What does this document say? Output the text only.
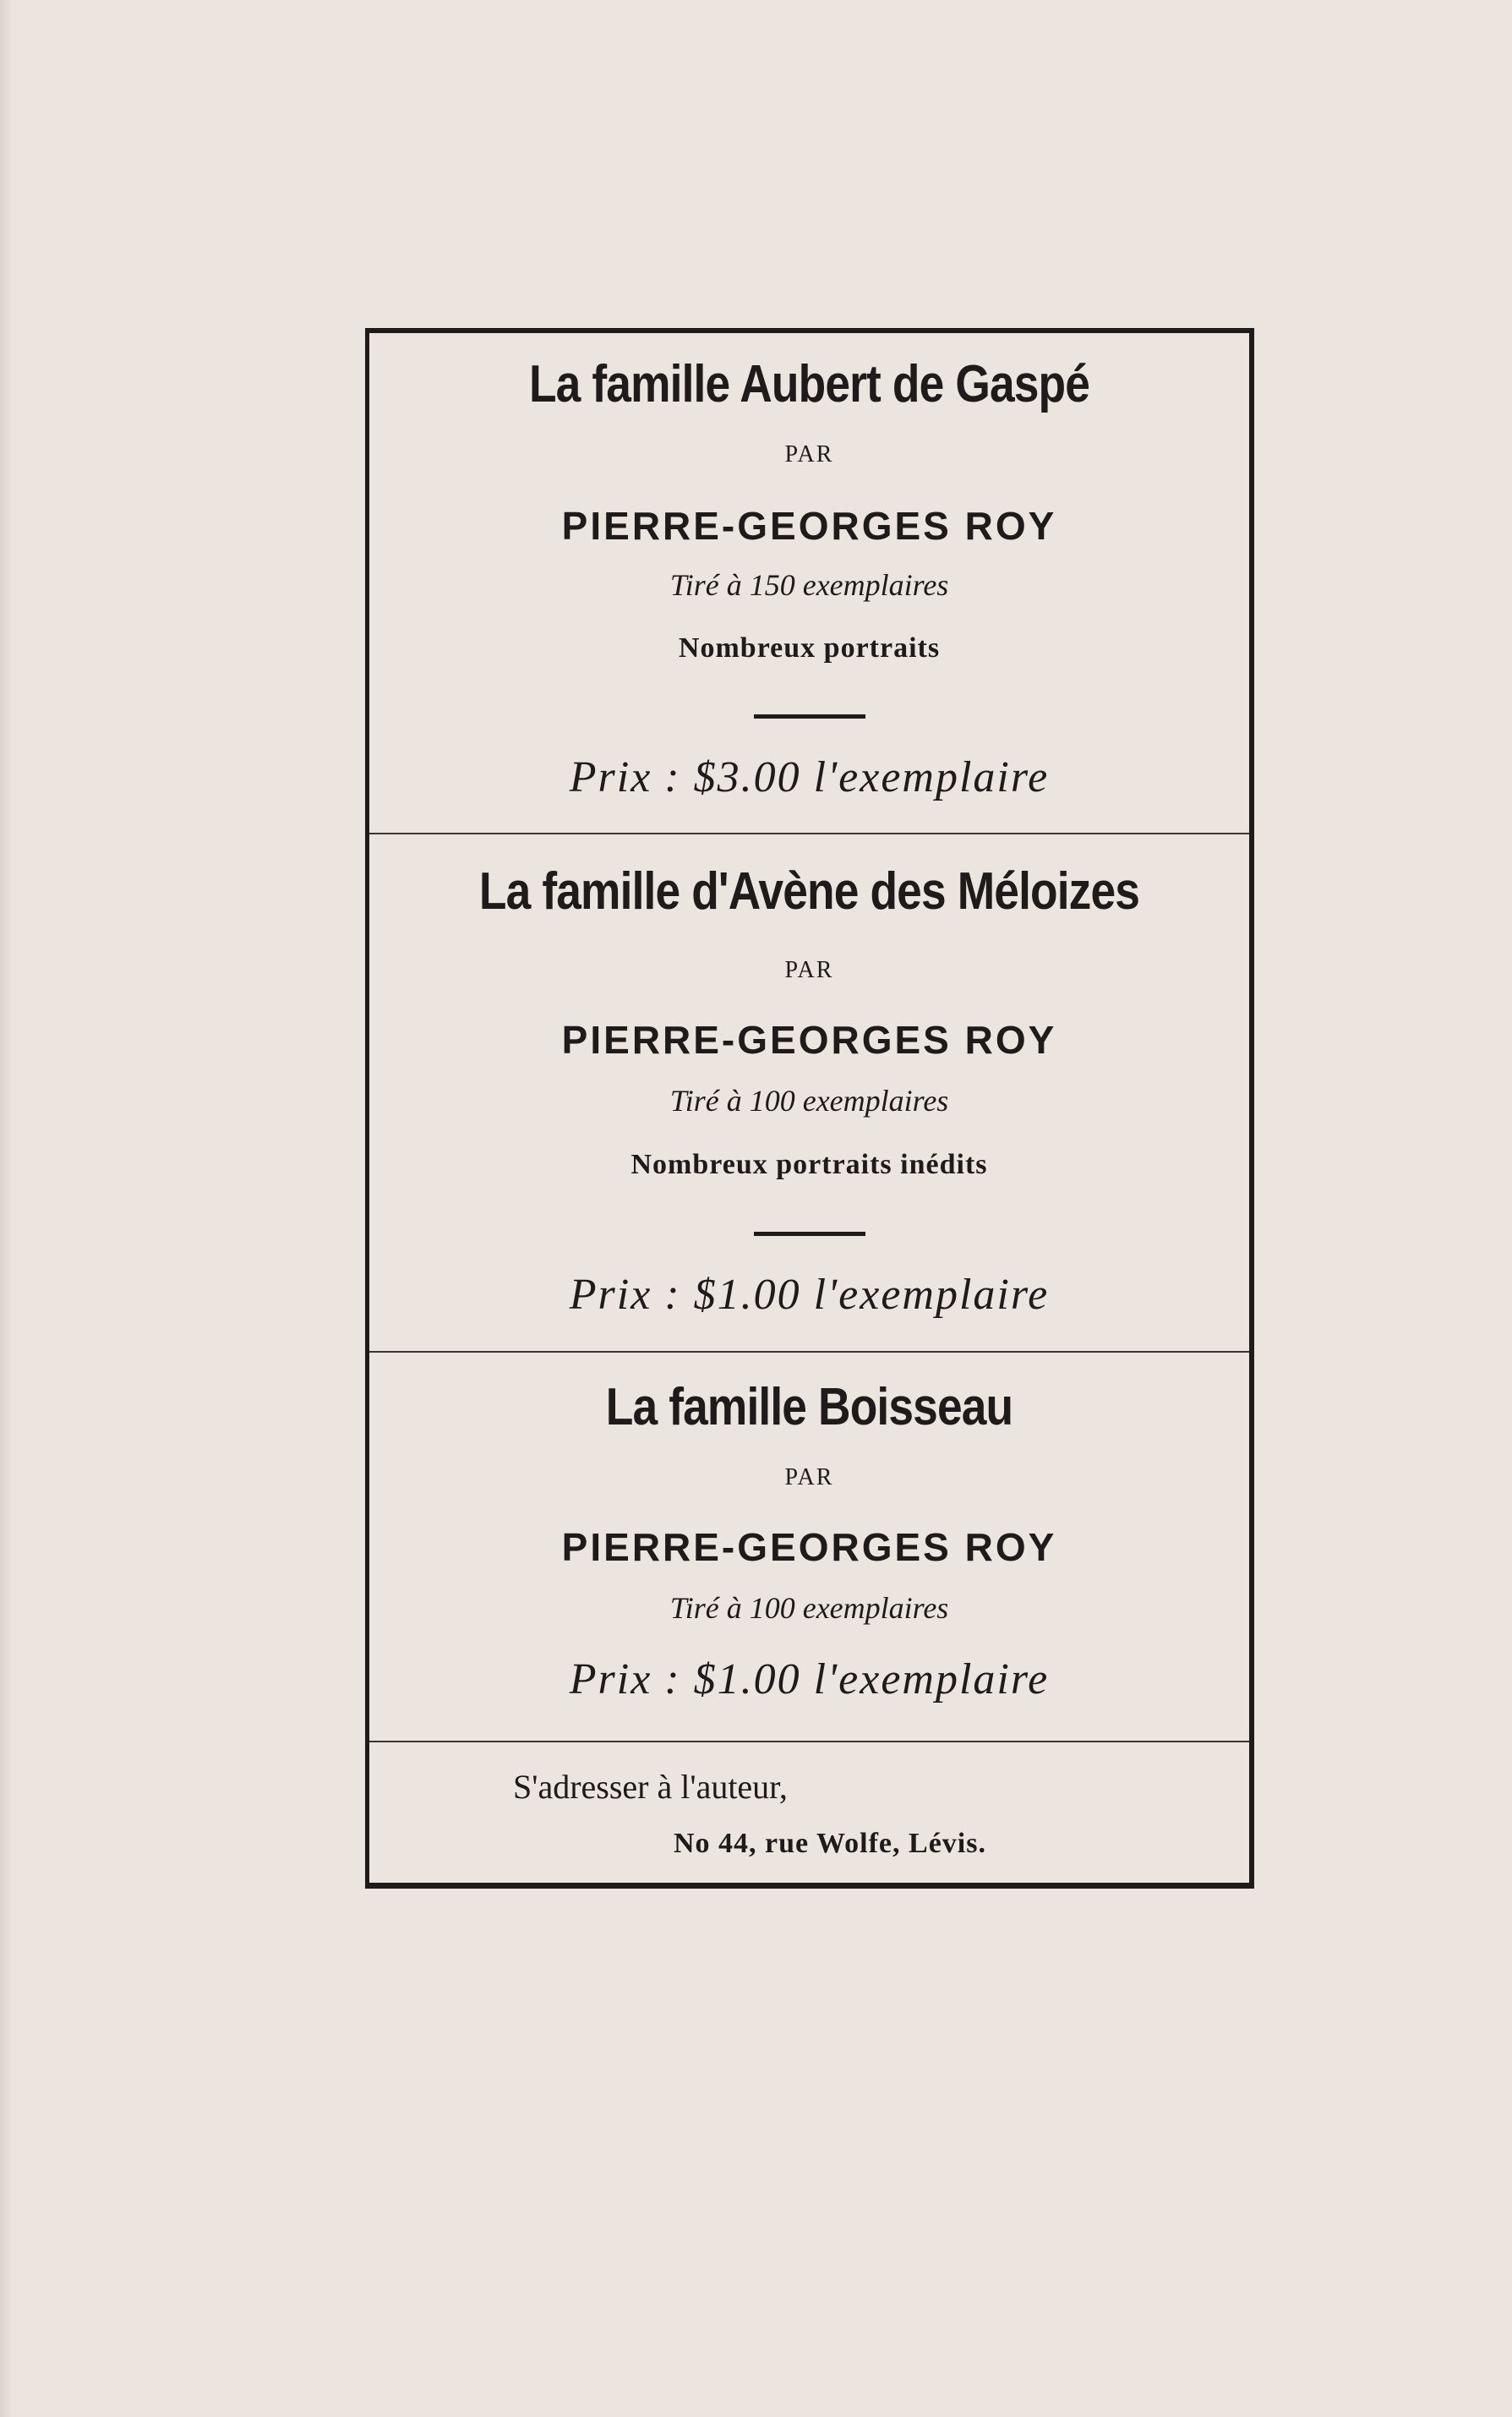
La famille Aubert de Gaspé
PAR
PIERRE-GEORGES ROY
Tiré à 150 exemplaires
Nombreux portraits
Prix : $3.00 l'exemplaire
La famille d'Avène des Méloizes
PAR
PIERRE-GEORGES ROY
Tiré à 100 exemplaires
Nombreux portraits inédits
Prix : $1.00 l'exemplaire
La famille Boisseau
PAR
PIERRE-GEORGES ROY
Tiré à 100 exemplaires
Prix : $1.00 l'exemplaire
S'adresser à l'auteur,
No 44, rue Wolfe, Lévis.
